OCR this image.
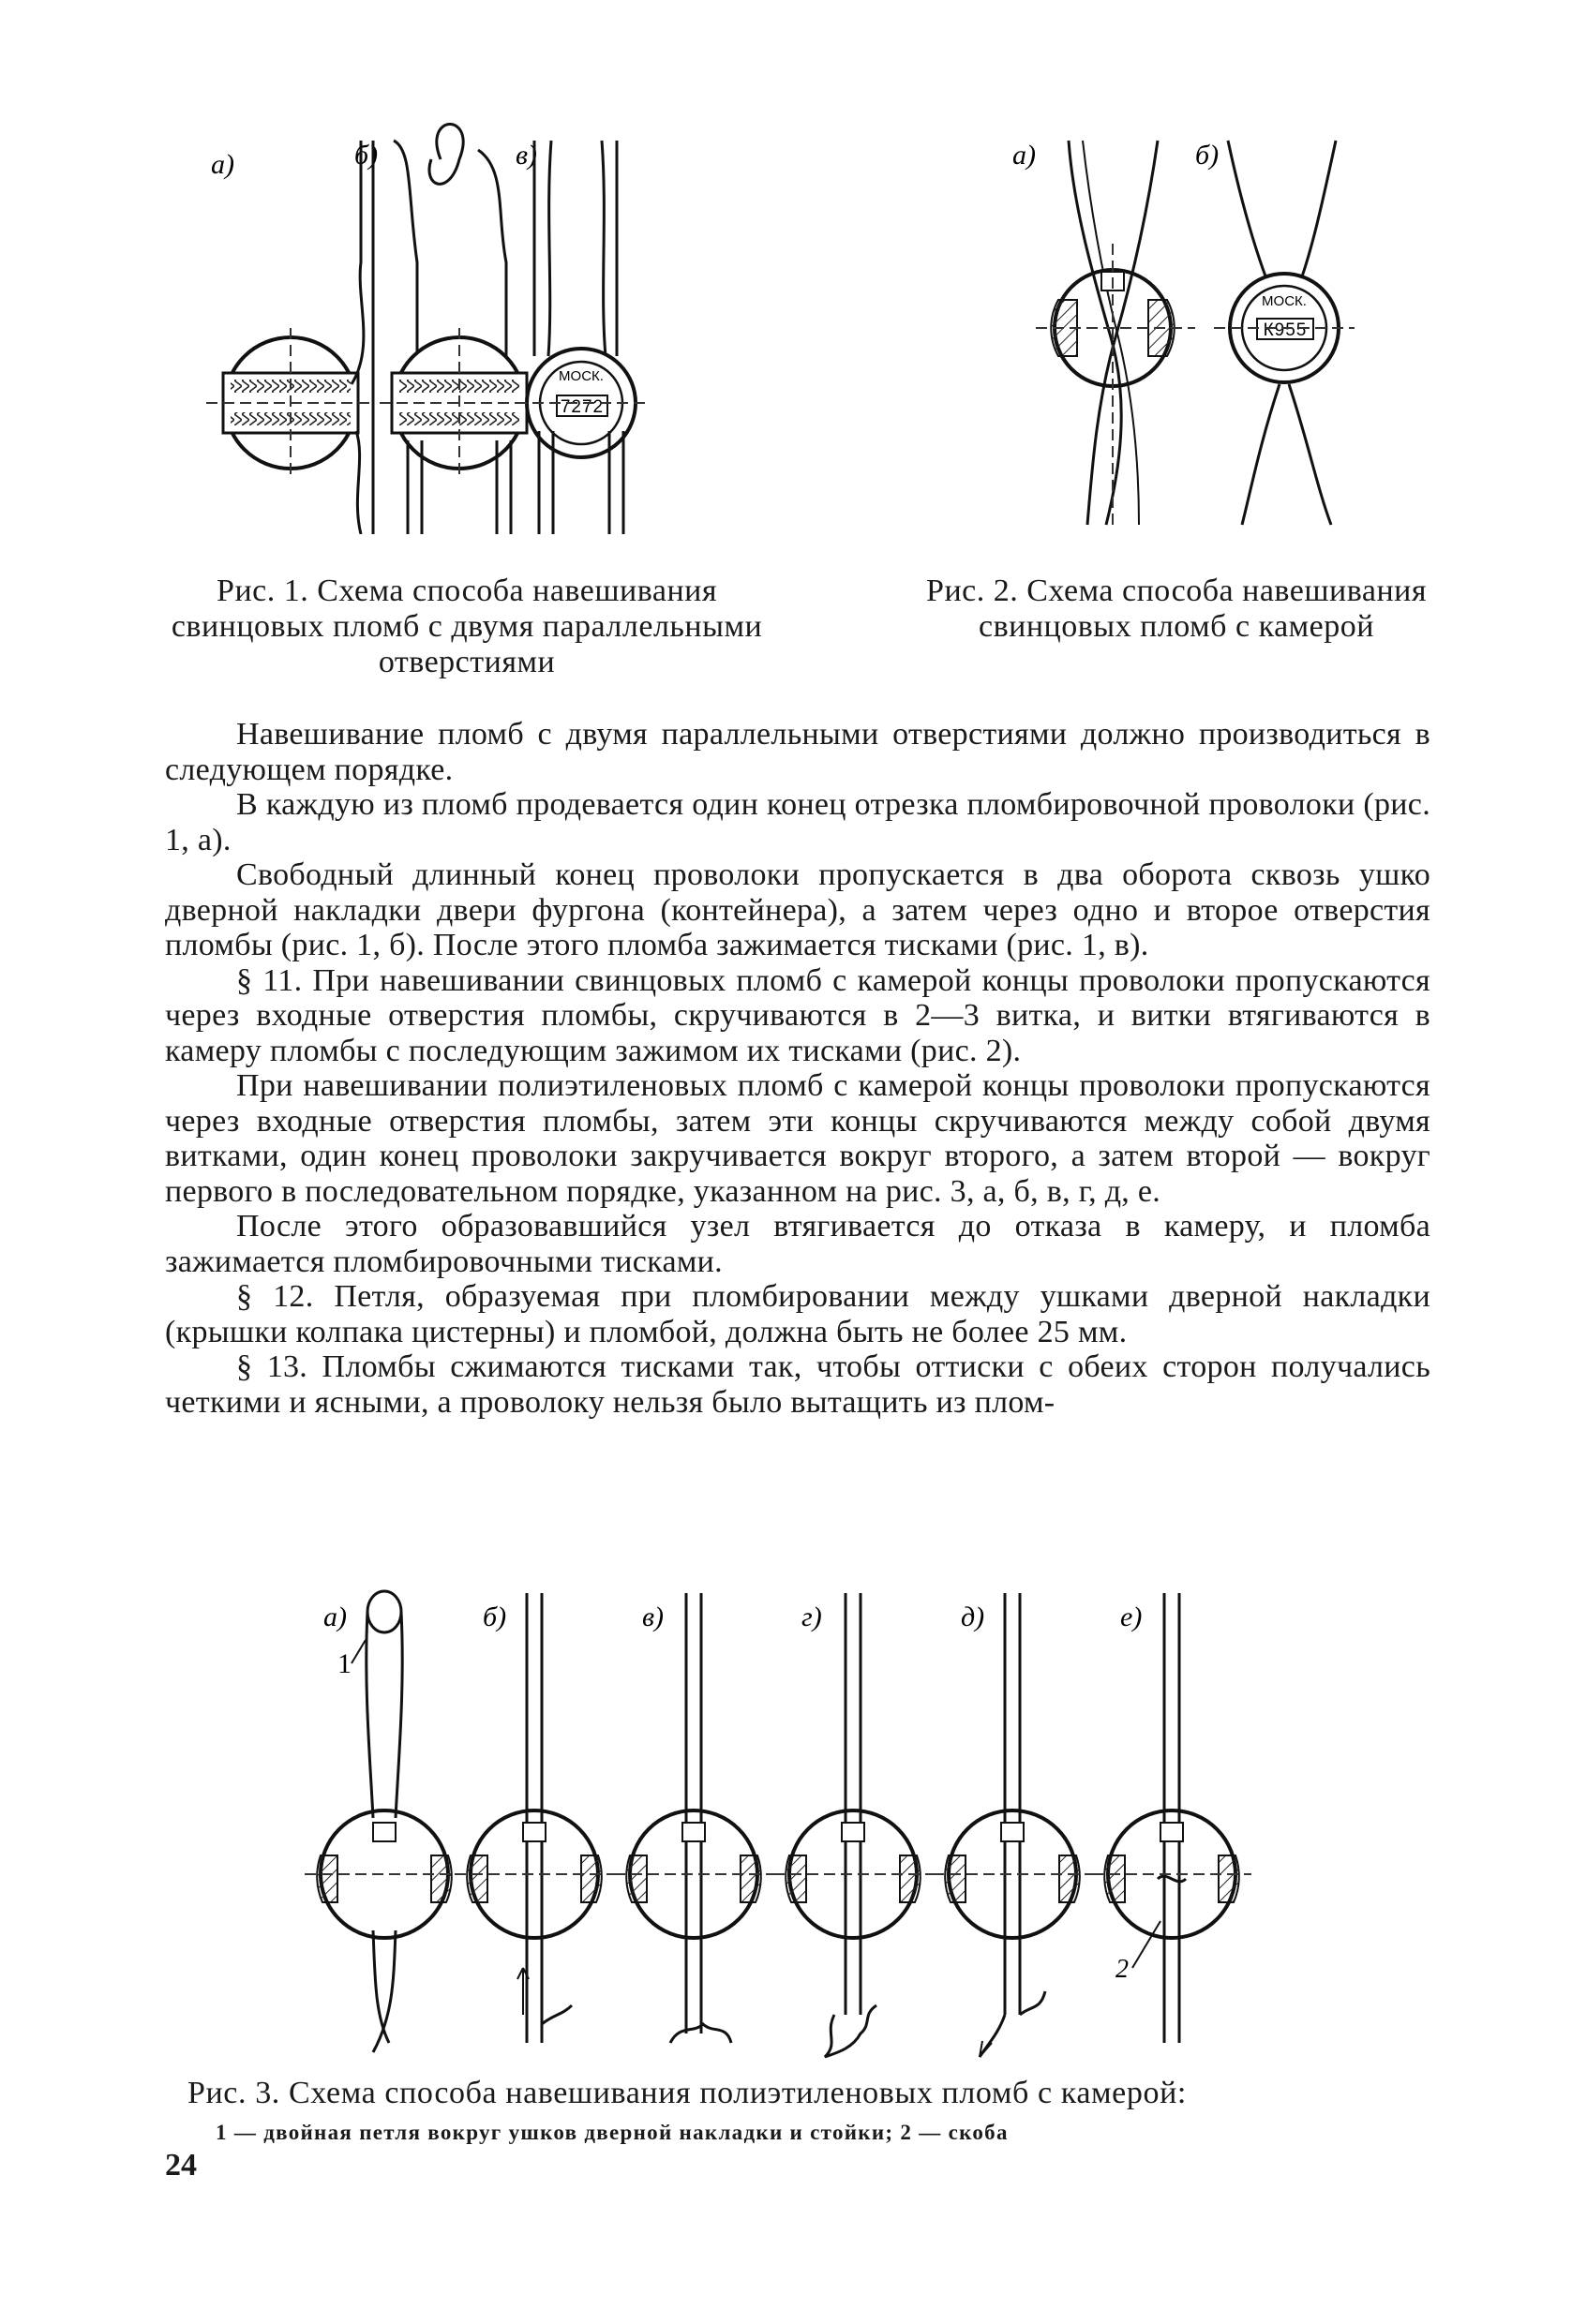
а)	б)	в)
МОСК.
7272
Рис. 1. Схема способа навешивания свинцовых пломб с двумя параллельными отверстиями
а)	б)
МОСК.
К955
Рис. 2. Схема способа навешивания свинцовых пломб с камерой

Навешивание пломб с двумя параллельными отверстиями должно производиться в следующем порядке.

В каждую из пломб продевается один конец отрезка пломбировочной проволоки (рис. 1, а).

Свободный длинный конец проволоки пропускается в два оборота сквозь ушко дверной накладки двери фургона (контейнера), а затем через одно и второе отверстия пломбы (рис. 1, б). После этого пломба зажимается тисками (рис. 1, в).

§ 11. При навешивании свинцовых пломб с камерой концы проволоки пропускаются через входные отверстия пломбы, скручиваются в 2—3 витка, и витки втягиваются в камеру пломбы с последующим зажимом их тисками (рис. 2).

При навешивании полиэтиленовых пломб с камерой концы проволоки пропускаются через входные отверстия пломбы, затем эти концы скручиваются между собой двумя витками, один конец проволоки закручивается вокруг второго, а затем второй — вокруг первого в последовательном порядке, указанном на рис. 3, а, б, в, г, д, е.

После этого образовавшийся узел втягивается до отказа в камеру, и пломба зажимается пломбировочными тисками.

§ 12. Петля, образуемая при пломбировании между ушками дверной накладки (крышки колпака цистерны) и пломбой, должна быть не более 25 мм.

§ 13. Пломбы сжимаются тисками так, чтобы оттиски с обеих сторон получались четкими и ясными, а проволоку нельзя было вытащить из плом-

а)
1
б)	в)	г)	д)	е)
2
Рис. 3. Схема способа навешивания полиэтиленовых пломб с камерой:
1 — двойная петля вокруг ушков дверной накладки и стойки; 2 — скоба
24
